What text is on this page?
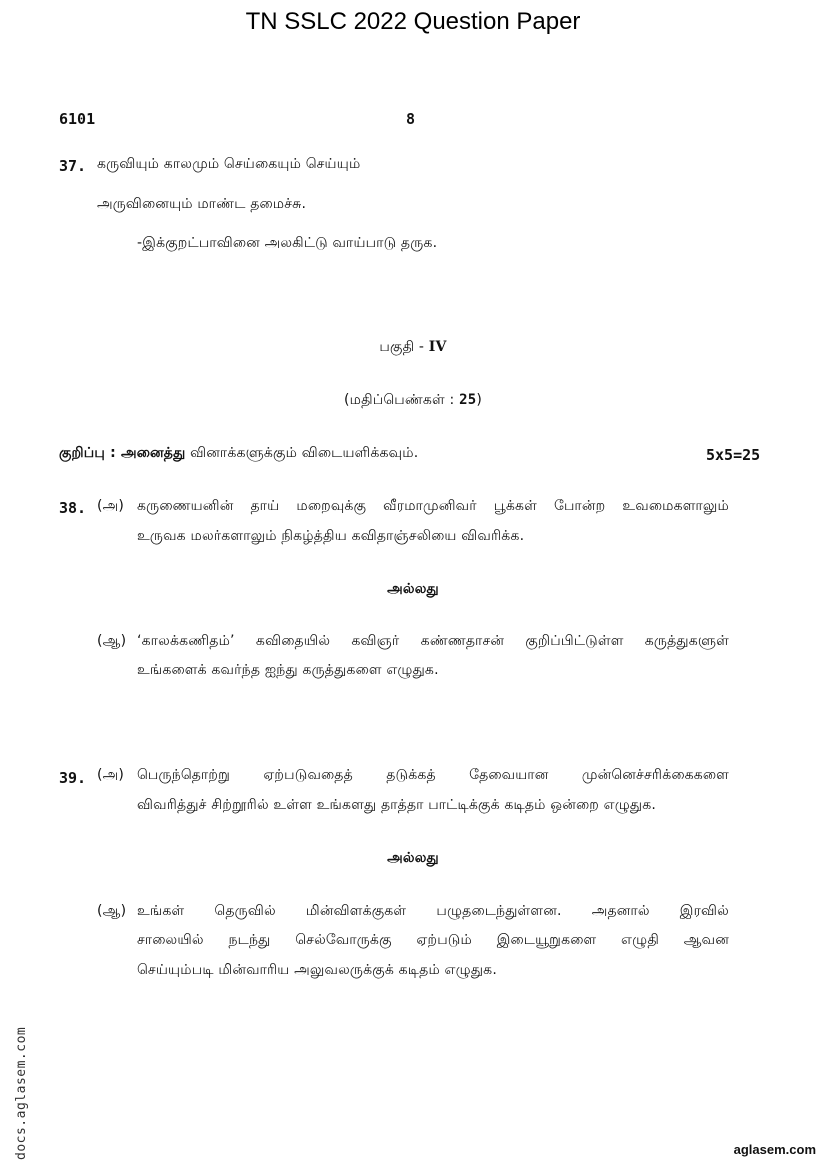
TN SSLC 2022 Question Paper
6101	8
37. கருவியும் காலமும் செய்கையும் செய்யும்
அருவினையும் மாண்ட தமைச்சு.
-இக்குறட்பாவினை அலகிட்டு வாய்பாடு தருக.
பகுதி - IV
(மதிப்பெண்கள் : 25)
குறிப்பு : அனைத்து வினாக்களுக்கும் விடையளிக்கவும்.	5x5=25
38. (அ) கருணையனின் தாய் மறைவுக்கு வீரமாமுனிவர் பூக்கள் போன்ற உவமைகளாலும்
உருவக மலர்களாலும் நிகழ்த்திய கவிதாஞ்சலியை விவரிக்க.
அல்லது
(ஆ) ‘காலக்கணிதம்’ கவிதையில் கவிஞர் கண்ணதாசன் குறிப்பிட்டுள்ள கருத்துகளுள்
உங்களைக் கவர்ந்த ஐந்து கருத்துகளை எழுதுக.
39. (அ) பெருந்தொற்று ஏற்படுவதைத் தடுக்கத் தேவையான முன்னெச்சரிக்கைகளை
விவரித்துச் சிற்றூரில் உள்ள உங்களது தாத்தா பாட்டிக்குக் கடிதம் ஒன்றை எழுதுக.
அல்லது
(ஆ) உங்கள் தெருவில் மின்விளக்குகள் பழுதடைந்துள்ளன. அதனால் இரவில்
சாலையில் நடந்து செல்வோருக்கு ஏற்படும் இடையூறுகளை எழுதி ஆவன
செய்யும்படி மின்வாரிய அலுவலருக்குக் கடிதம் எழுதுக.
docs.aglasem.com	aglasem.com
